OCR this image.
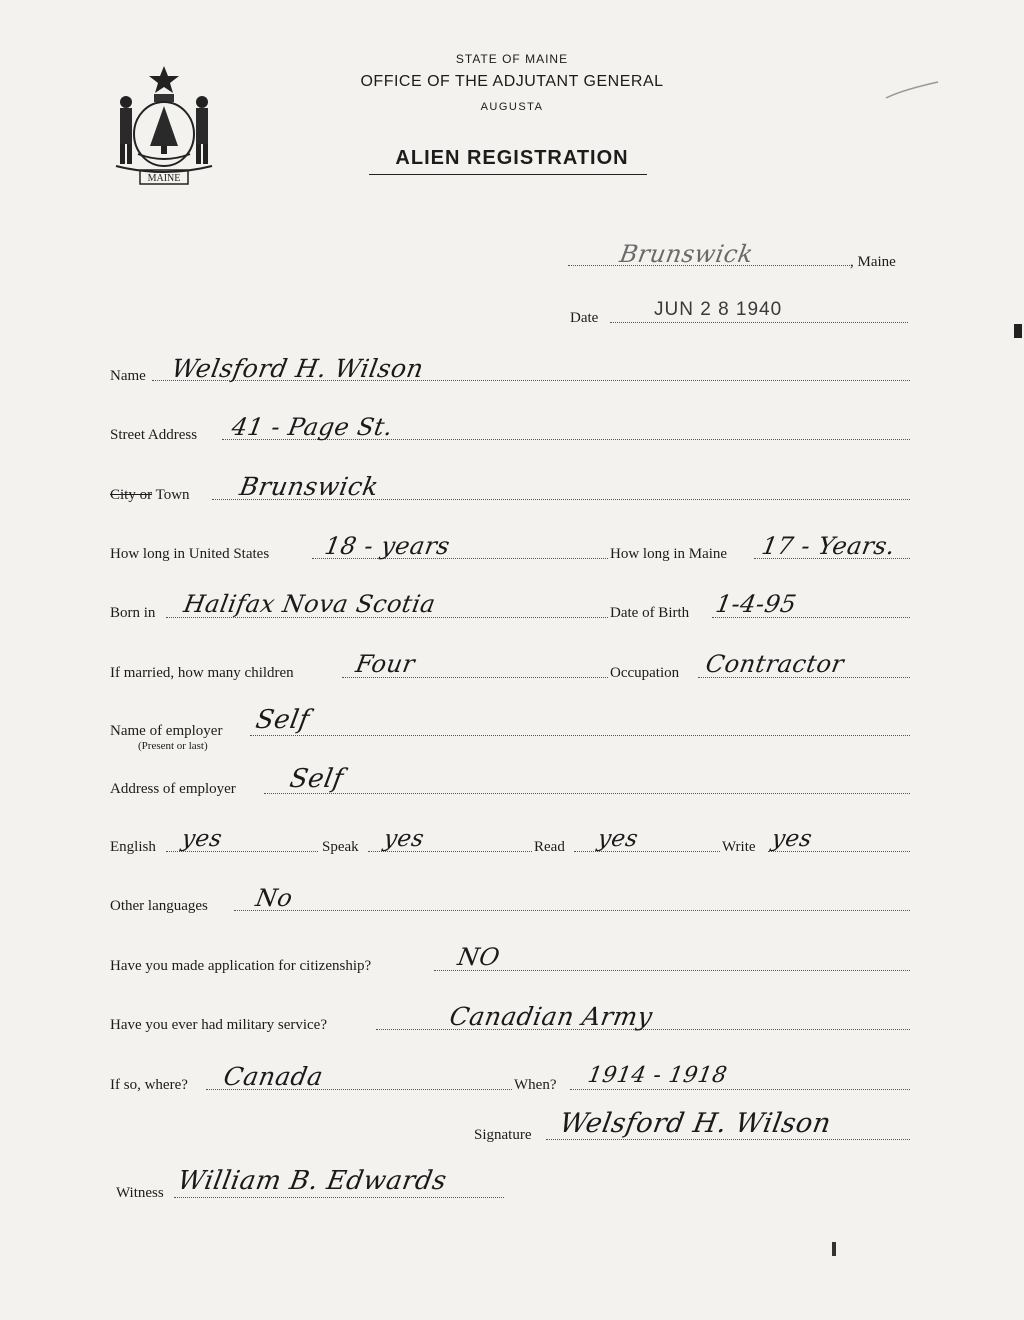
MAINE
STATE OF MAINE
OFFICE OF THE ADJUTANT GENERAL
AUGUSTA
ALIEN REGISTRATION
Brunswick	, Maine
Date	JUN 2 8 1940
Name Welsford H. Wilson
Street Address 41 - Page St.
City or Town Brunswick
How long in United States 18 - years	How long in Maine 17 - Years.
Born in Halifax Nova Scotia	Date of Birth 1-4-95
If married, how many children Four	Occupation Contractor
Name of employer
(Present or last)
Self
Address of employer Self
English yes	Speak yes	Read yes	Write yes
Other languages No
Have you made application for citizenship?	NO
Have you ever had military service?	Canadian Army
If so, where? Canada	When? 1914 - 1918
Signature Welsford H. Wilson
Witness William B. Edwards
